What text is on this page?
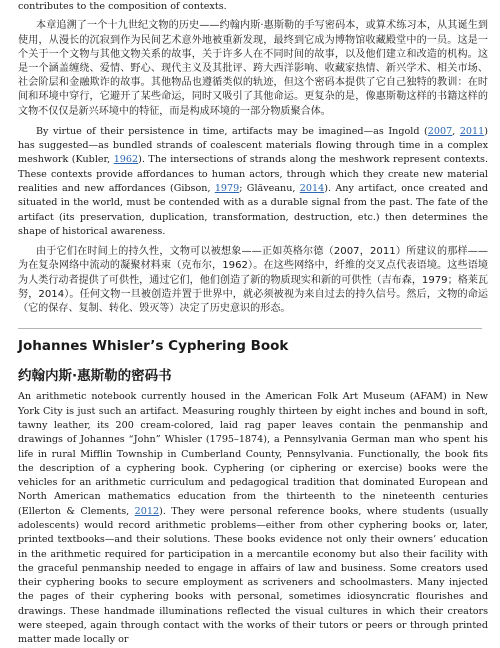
contributes to the composition of contexts.

本章追溯了一个十九世纪文物的历史——约翰内斯·惠斯勒的手写密码本，或算术练习本，从其诞生到使用，从漫长的沉寂到作为民间艺术意外地被重新发现，最终到它成为博物馆收藏殿堂中的一员。这是一个关于一个文物与其他文物关系的故事，关于许多人在不同时间的故事，以及他们建立和改造的机构。这是一个涵盖缠绕、爱情、野心、现代主义及其批评、跨大西洋影响、收藏家热情、新兴学术、相关市场、社会阶层和金融欺诈的故事。其他物品也遵循类似的轨迹，但这个密码本提供了它自己独特的教训：在时间和环境中穿行，它避开了某些命运，同时又吸引了其他命运。更复杂的是，像惠斯勒这样的书籍这样的文物不仅仅是新兴环境中的特征，而是构成环境的一部分物质聚合体。

By virtue of their persistence in time, artifacts may be imagined—as Ingold (2007, 2011) has suggested—as bundled strands of coalescent materials flowing through time in a complex meshwork (Kubler, 1962). The intersections of strands along the meshwork represent contexts. These contexts provide affordances to human actors, through which they create new material realities and new affordances (Gibson, 1979; Glăveanu, 2014). Any artifact, once created and situated in the world, must be contended with as a durable signal from the past. The fate of the artifact (its preservation, duplication, transformation, destruction, etc.) then determines the shape of historical awareness.

由于它们在时间上的持久性，文物可以被想象——正如英格尔德（2007，2011）所建议的那样——为在复杂网络中流动的凝聚材料束（克布尔，1962）。在这些网络中，纤维的交叉点代表语境。这些语境为人类行动者提供了可供性，通过它们，他们创造了新的物质现实和新的可供性（吉布森，1979；格莱瓦努，2014）。任何文物一旦被创造并置于世界中，就必须被视为来自过去的持久信号。然后，文物的命运（它的保存、复制、转化、毁灭等）决定了历史意识的形态。

Johannes Whisler’s Cyphering Book
约翰内斯·惠斯勒的密码书

An arithmetic notebook currently housed in the American Folk Art Museum (AFAM) in New York City is just such an artifact. Measuring roughly thirteen by eight inches and bound in soft, tawny leather, its 200 cream-colored, laid rag paper leaves contain the penmanship and drawings of Johannes “John” Whisler (1795–1874), a Pennsylvania German man who spent his life in rural Mifflin Township in Cumberland County, Pennsylvania. Functionally, the book fits the description of a cyphering book. Cyphering (or ciphering or exercise) books were the vehicles for an arithmetic curriculum and pedagogical tradition that dominated European and North American mathematics education from the thirteenth to the nineteenth centuries (Ellerton & Clements, 2012). They were personal reference books, where students (usually adolescents) would record arithmetic problems—either from other cyphering books or, later, printed textbooks—and their solutions. These books evidence not only their owners’ education in the arithmetic required for participation in a mercantile economy but also their facility with the graceful penmanship needed to engage in affairs of law and business. Some creators used their cyphering books to secure employment as scriveners and schoolmasters. Many injected the pages of their cyphering books with personal, sometimes idiosyncratic flourishes and drawings. These handmade illuminations reflected the visual cultures in which their creators were steeped, again through contact with the works of their tutors or peers or through printed matter made locally or
